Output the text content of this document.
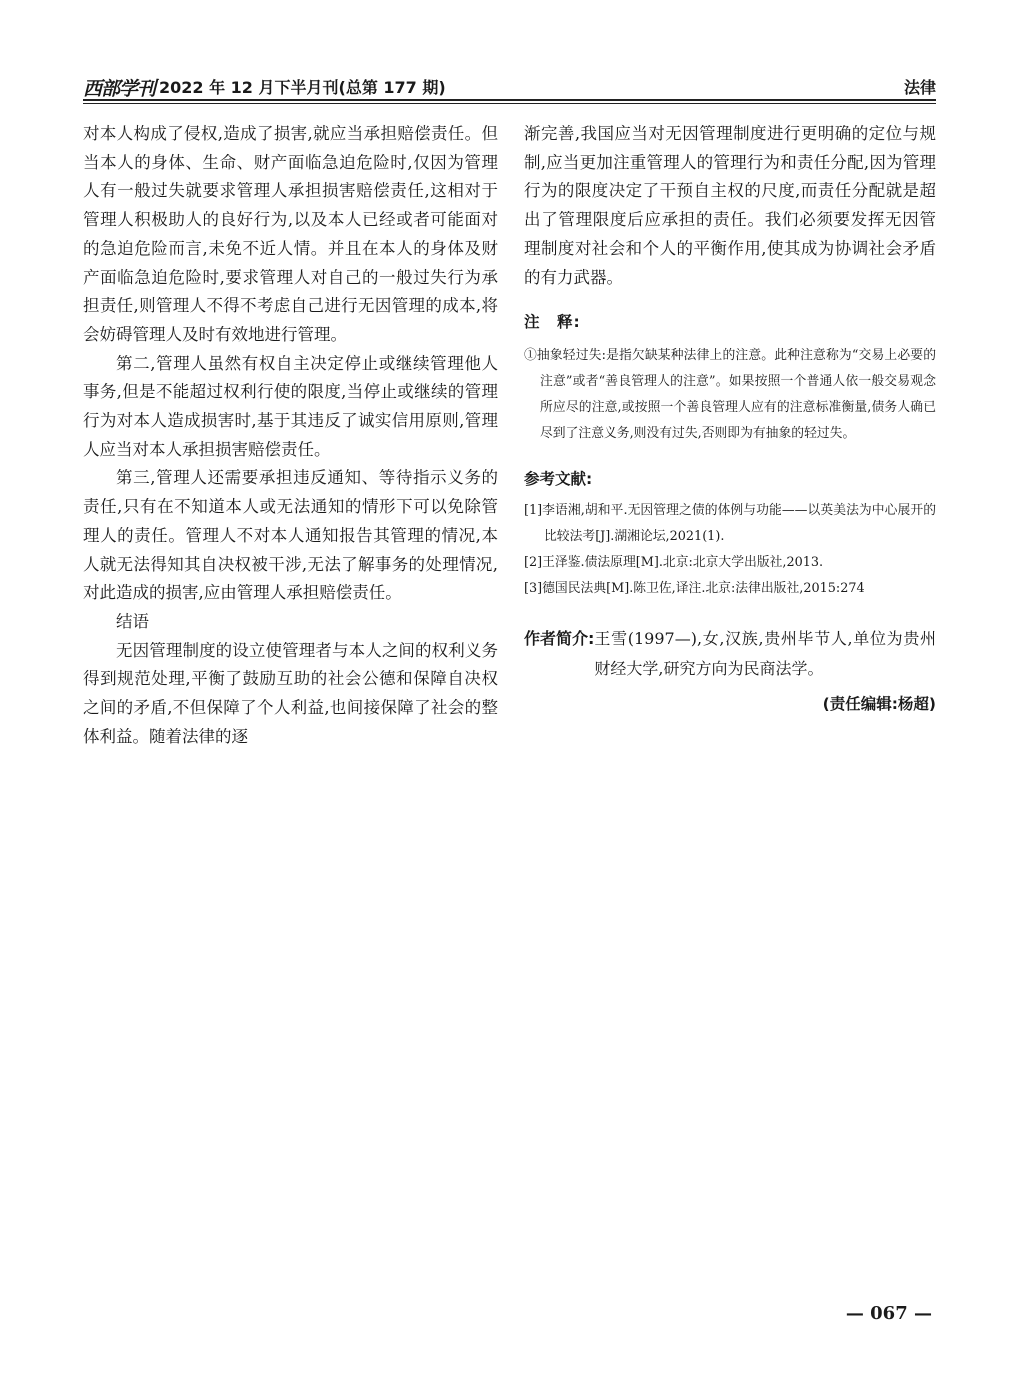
西部学刊 2022 年 12 月下半月刊(总第 177 期)	法律

对本人构成了侵权,造成了损害,就应当承担赔偿责任。但当本人的身体、生命、财产面临急迫危险时,仅因为管理人有一般过失就要求管理人承担损害赔偿责任,这相对于管理人积极助人的良好行为,以及本人已经或者可能面对的急迫危险而言,未免不近人情。并且在本人的身体及财产面临急迫危险时,要求管理人对自己的一般过失行为承担责任,则管理人不得不考虑自己进行无因管理的成本,将会妨碍管理人及时有效地进行管理。

第二,管理人虽然有权自主决定停止或继续管理他人事务,但是不能超过权利行使的限度,当停止或继续的管理行为对本人造成损害时,基于其违反了诚实信用原则,管理人应当对本人承担损害赔偿责任。

第三,管理人还需要承担违反通知、等待指示义务的责任,只有在不知道本人或无法通知的情形下可以免除管理人的责任。管理人不对本人通知报告其管理的情况,本人就无法得知其自决权被干涉,无法了解事务的处理情况,对此造成的损害,应由管理人承担赔偿责任。

结语

无因管理制度的设立使管理者与本人之间的权利义务得到规范处理,平衡了鼓励互助的社会公德和保障自决权之间的矛盾,不但保障了个人利益,也间接保障了社会的整体利益。随着法律的逐

渐完善,我国应当对无因管理制度进行更明确的定位与规制,应当更加注重管理人的管理行为和责任分配,因为管理行为的限度决定了干预自主权的尺度,而责任分配就是超出了管理限度后应承担的责任。我们必须要发挥无因管理制度对社会和个人的平衡作用,使其成为协调社会矛盾的有力武器。

注　释:
①抽象轻过失:是指欠缺某种法律上的注意。此种注意称为“交易上必要的注意”或者“善良管理人的注意”。如果按照一个普通人依一般交易观念所应尽的注意,或按照一个善良管理人应有的注意标准衡量,债务人确已尽到了注意义务,则没有过失,否则即为有抽象的轻过失。
参考文献:

[1]李语湘,胡和平.无因管理之债的体例与功能——以英美法为中心展开的比较法考[J].湖湘论坛,2021(1).

[2]王泽鉴.债法原理[M].北京:北京大学出版社,2013.

[3]德国民法典[M].陈卫佐,译注.北京:法律出版社,2015:274

作者简介: 王雪(1997—),女,汉族,贵州毕节人,单位为贵州财经大学,研究方向为民商法学。
(责任编辑:杨超)
— 067 —
